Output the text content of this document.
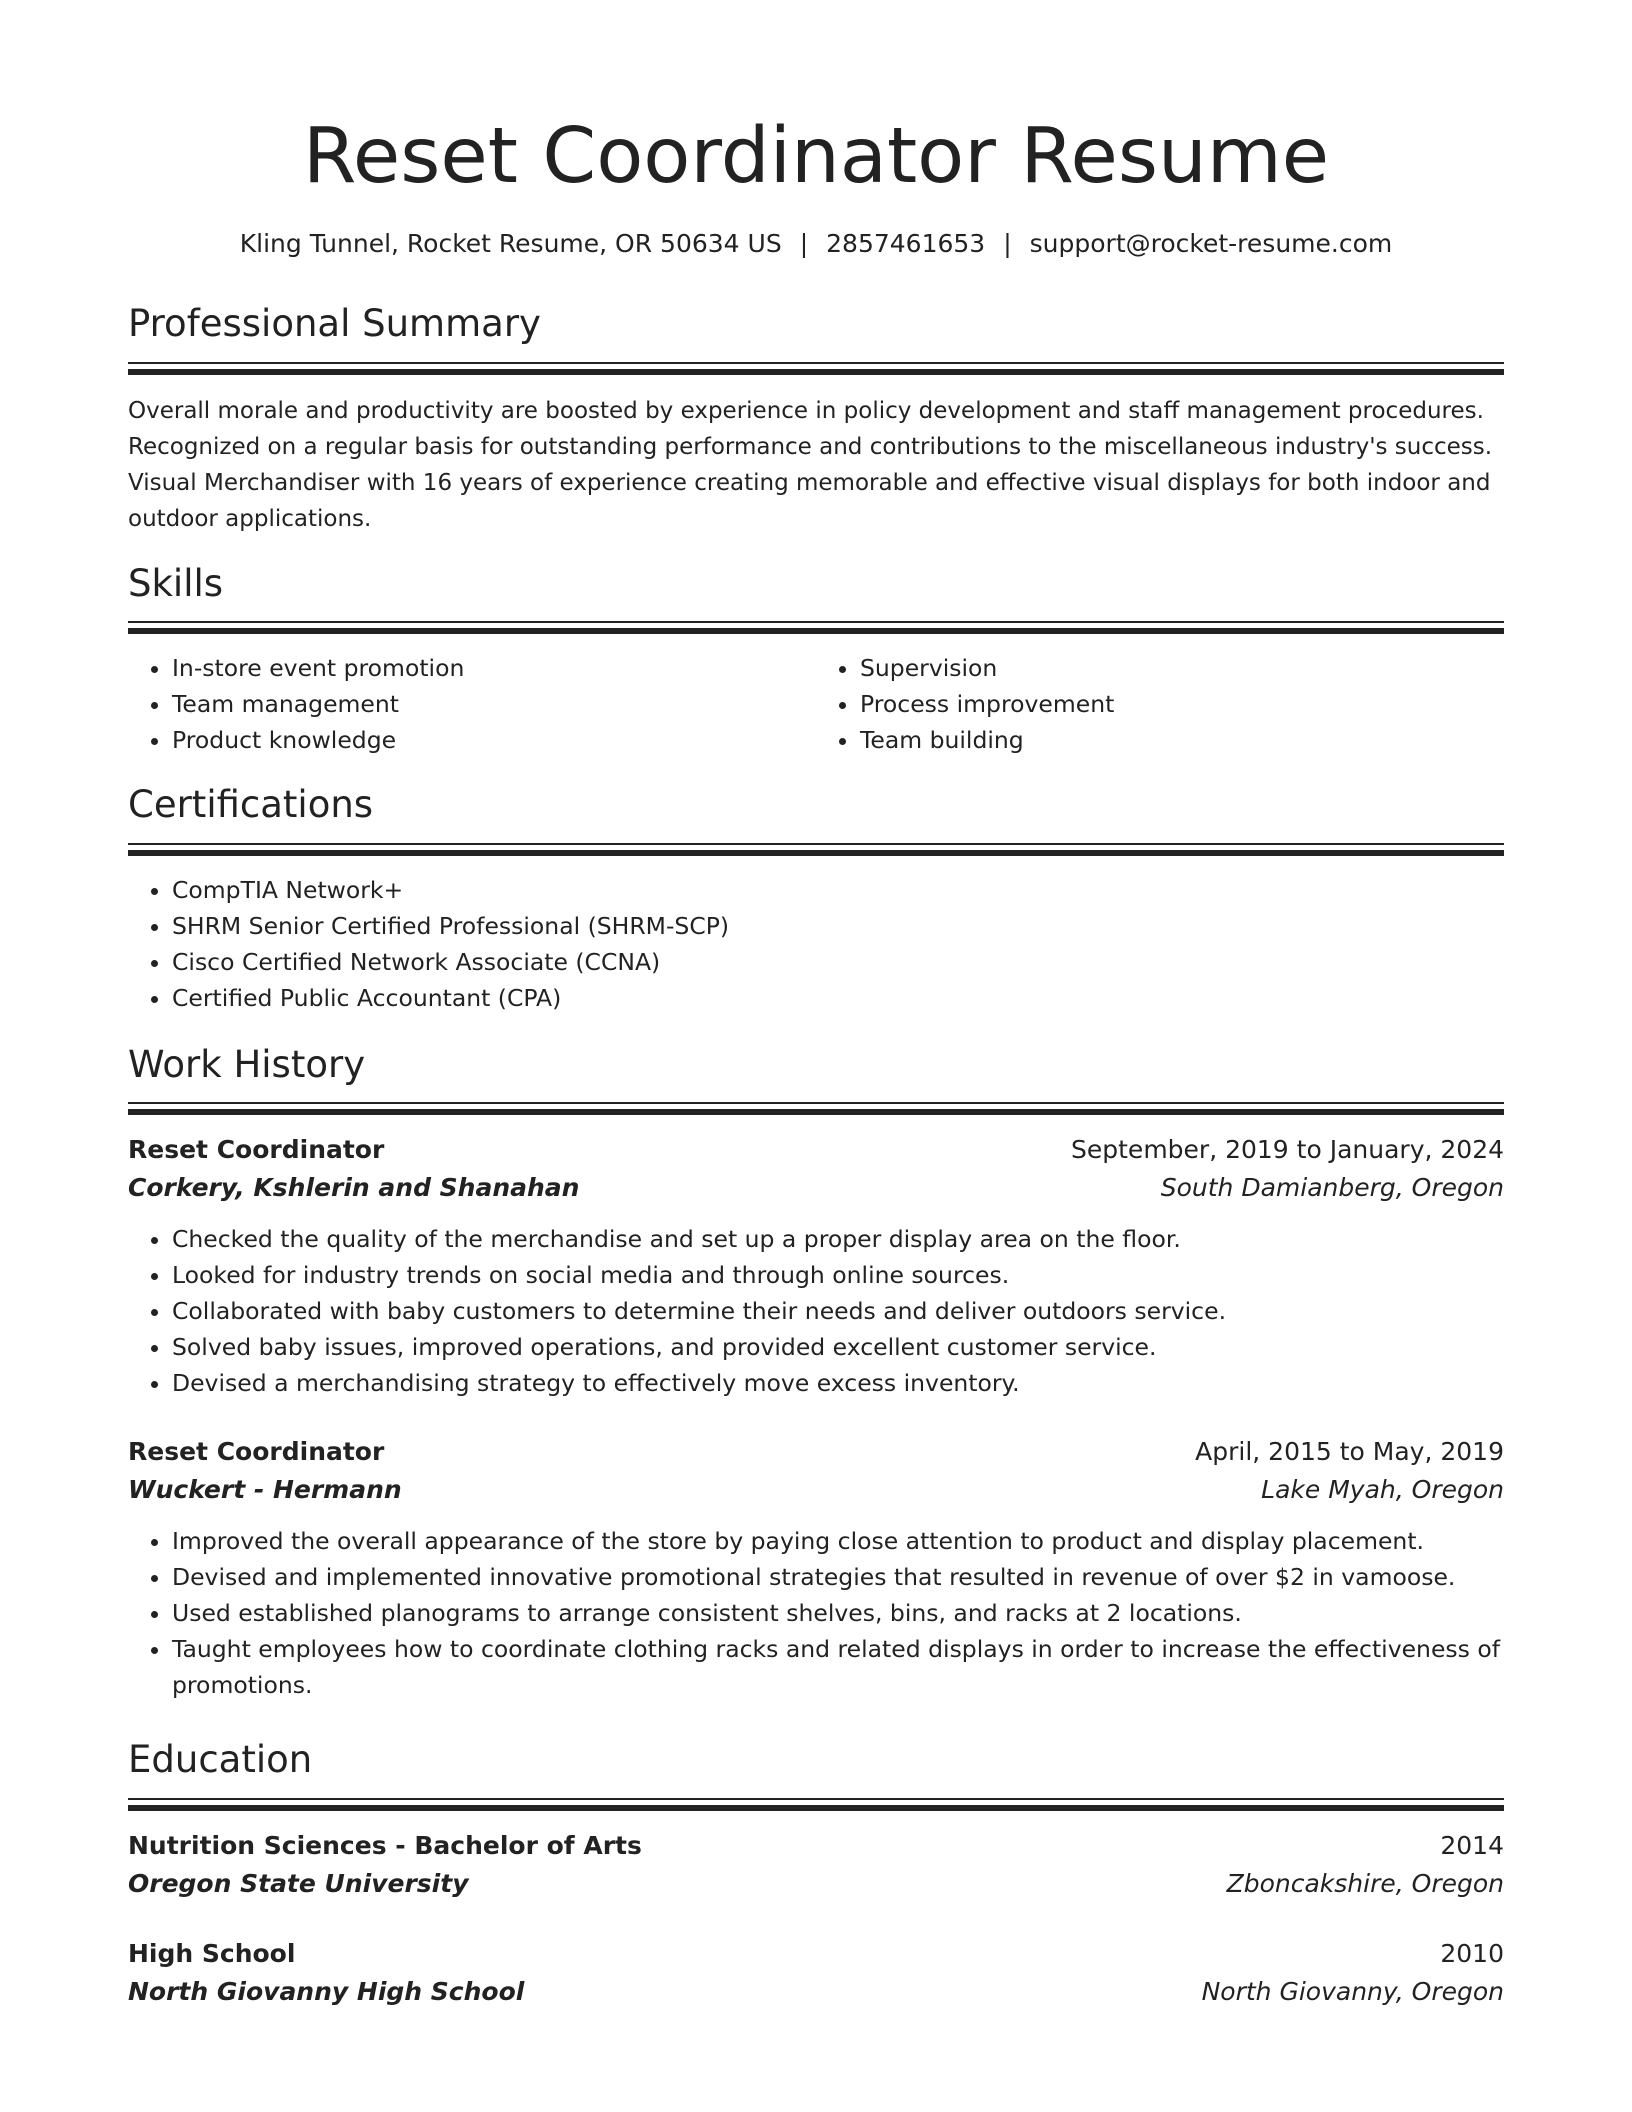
Reset Coordinator Resume
Kling Tunnel, Rocket Resume, OR 50634 US | 2857461653 | support@rocket-resume.com
Professional Summary

Overall morale and productivity are boosted by experience in policy development and staff management procedures. Recognized on a regular basis for outstanding performance and contributions to the miscellaneous industry's success. Visual Merchandiser with 16 years of experience creating memorable and effective visual displays for both indoor and outdoor applications.

Skills
• In-store event promotion
• Team management
• Product knowledge
• Supervision
• Process improvement
• Team building
Certifications
• CompTIA Network+
• SHRM Senior Certified Professional (SHRM-SCP)
• Cisco Certified Network Associate (CCNA)
• Certified Public Accountant (CPA)
Work History
Reset Coordinator	September, 2019 to January, 2024
Corkery, Kshlerin and Shanahan	South Damianberg, Oregon
• Checked the quality of the merchandise and set up a proper display area on the floor.
• Looked for industry trends on social media and through online sources.
• Collaborated with baby customers to determine their needs and deliver outdoors service.
• Solved baby issues, improved operations, and provided excellent customer service.
• Devised a merchandising strategy to effectively move excess inventory.
Reset Coordinator	April, 2015 to May, 2019
Wuckert - Hermann	Lake Myah, Oregon
• Improved the overall appearance of the store by paying close attention to product and display placement.
• Devised and implemented innovative promotional strategies that resulted in revenue of over $2 in vamoose.
• Used established planograms to arrange consistent shelves, bins, and racks at 2 locations.
• Taught employees how to coordinate clothing racks and related displays in order to increase the effectiveness of promotions.
Education
Nutrition Sciences - Bachelor of Arts	2014
Oregon State University	Zboncakshire, Oregon
High School	2010
North Giovanny High School	North Giovanny, Oregon
